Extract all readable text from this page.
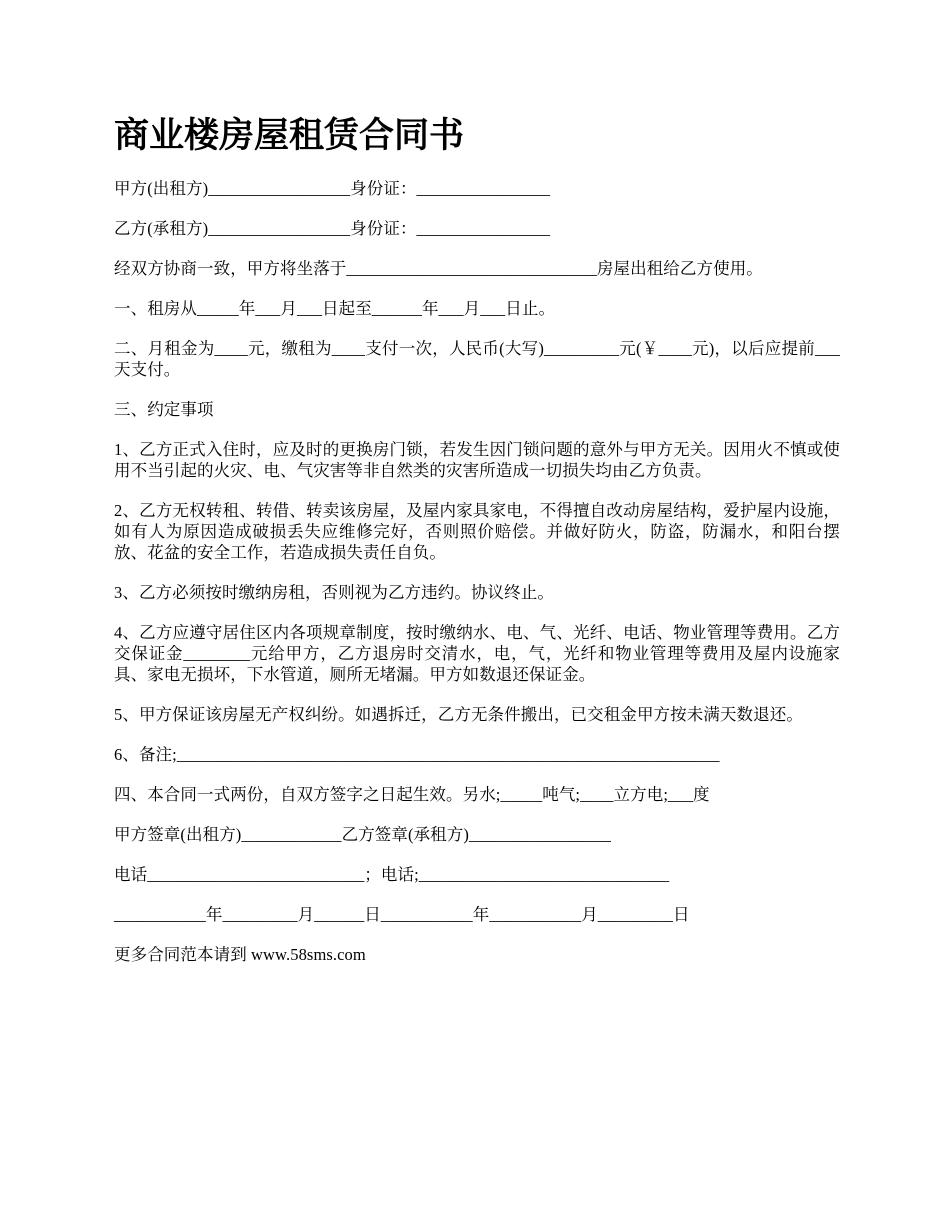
商业楼房屋租赁合同书

甲方(出租方)_________________身份证：________________

乙方(承租方)_________________身份证：________________

经双方协商一致，甲方将坐落于______________________________房屋出租给乙方使用。

一、租房从_____年___月___日起至______年___月___日止。

二、月租金为____元，缴租为____支付一次，人民币(大写)_________元(￥____元)，以后应提前___天支付。

三、约定事项

1、乙方正式入住时，应及时的更换房门锁，若发生因门锁问题的意外与甲方无关。因用火不慎或使用不当引起的火灾、电、气灾害等非自然类的灾害所造成一切损失均由乙方负责。

2、乙方无权转租、转借、转卖该房屋，及屋内家具家电，不得擅自改动房屋结构，爱护屋内设施，如有人为原因造成破损丢失应维修完好，否则照价赔偿。并做好防火，防盗，防漏水，和阳台摆放、花盆的安全工作，若造成损失责任自负。

3、乙方必须按时缴纳房租，否则视为乙方违约。协议终止。

4、乙方应遵守居住区内各项规章制度，按时缴纳水、电、气、光纤、电话、物业管理等费用。乙方交保证金________元给甲方，乙方退房时交清水，电，气，光纤和物业管理等费用及屋内设施家具、家电无损坏，下水管道，厕所无堵漏。甲方如数退还保证金。

5、甲方保证该房屋无产权纠纷。如遇拆迁，乙方无条件搬出，已交租金甲方按未满天数退还。

6、备注;_________________________________________________________________

四、本合同一式两份，自双方签字之日起生效。另水;_____吨气;____立方电;___度

甲方签章(出租方)____________乙方签章(承租方)_________________

电话__________________________；电话;______________________________

___________年_________月______日___________年___________月_________日

更多合同范本请到 www.58sms.com
